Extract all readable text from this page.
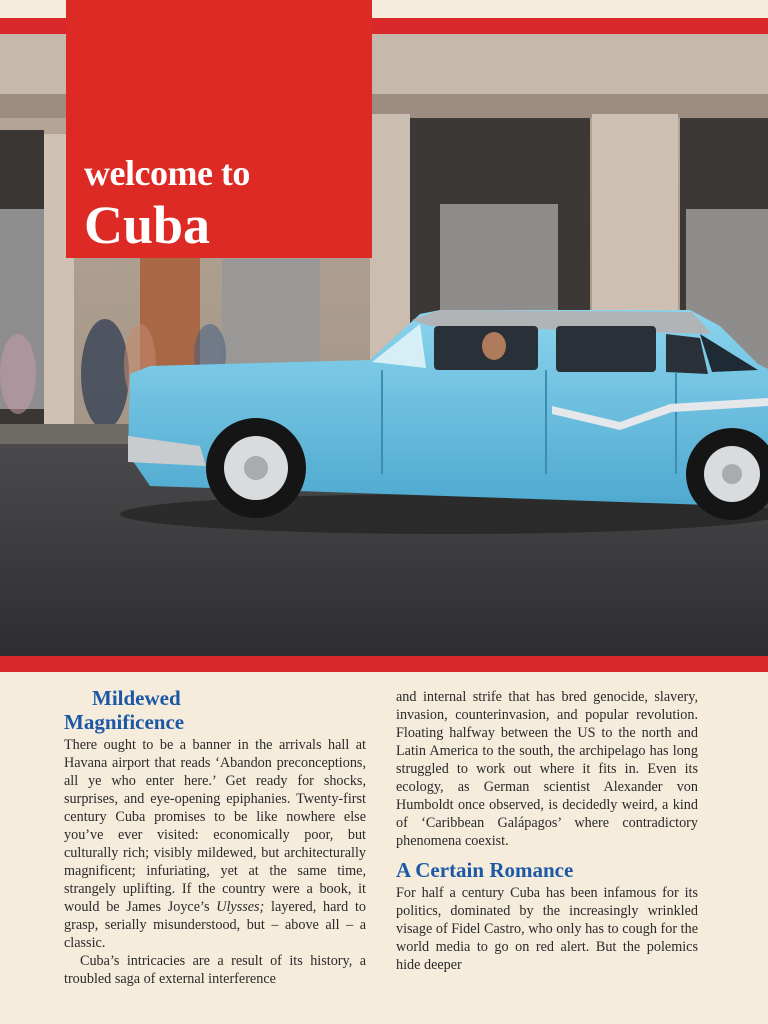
welcome to
Cuba
Mildewed
Magnificence

There ought to be a banner in the arrivals hall at Havana airport that reads ‘Abandon preconceptions, all ye who enter here.’ Get ready for shocks, surprises, and eye-opening epiphanies. Twenty-first century Cuba promises to be like nowhere else you’ve ever visited: economically poor, but culturally rich; visibly mildewed, but architecturally magnificent; infuriating, yet at the same time, strangely uplifting. If the country were a book, it would be James Joyce’s Ulysses; layered, hard to grasp, serially misunderstood, but – above all – a classic.

Cuba’s intricacies are a result of its history, a troubled saga of external interference

and internal strife that has bred genocide, slavery, invasion, counterinvasion, and popular revolution. Floating halfway between the US to the north and Latin America to the south, the archipelago has long struggled to work out where it fits in. Even its ecology, as German scientist Alexander von Humboldt once observed, is decidedly weird, a kind of ‘Caribbean Galápagos’ where contradictory phenomena coexist.

A Certain Romance

For half a century Cuba has been infamous for its politics, dominated by the increasingly wrinkled visage of Fidel Castro, who only has to cough for the world media to go on red alert. But the polemics hide deeper
